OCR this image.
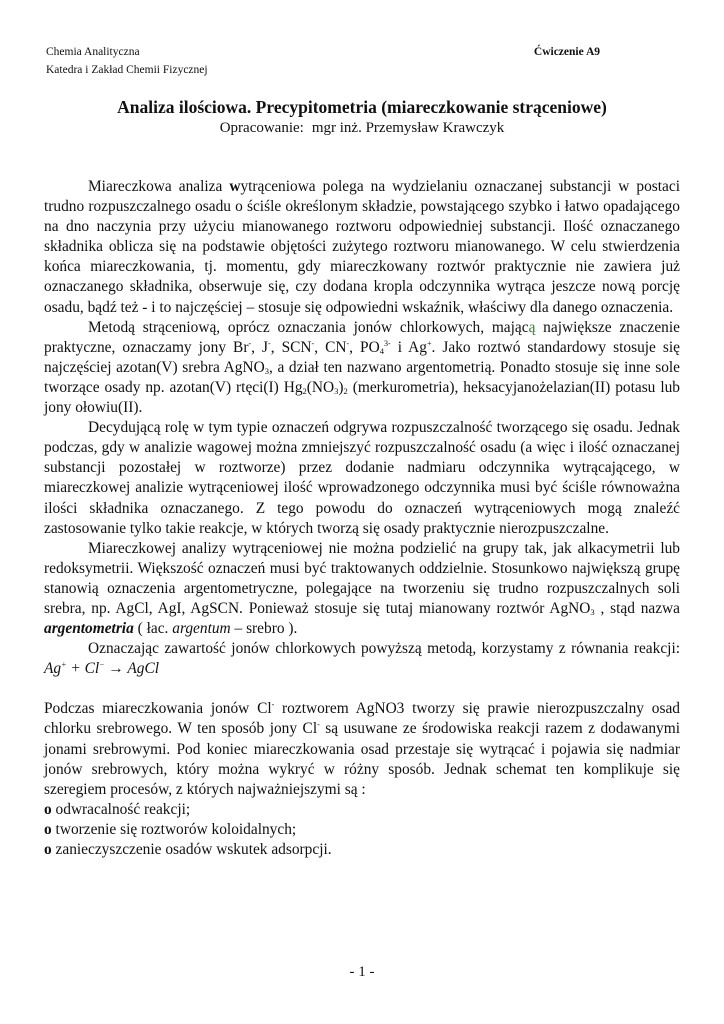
Chemia Analityczna
Katedra i Zakład Chemii Fizycznej
Ćwiczenie A9
Analiza ilościowa. Precypitometria (miareczkowanie strąceniowe)
Opracowanie: mgr inż. Przemysław Krawczyk

Miareczkowa analiza wytrąceniowa polega na wydzielaniu oznaczanej substancji w postaci trudno rozpuszczalnego osadu o ściśle określonym składzie, powstającego szybko i łatwo opadającego na dno naczynia przy użyciu mianowanego roztworu odpowiedniej substancji. Ilość oznaczanego składnika oblicza się na podstawie objętości zużytego roztworu mianowanego. W celu stwierdzenia końca miareczkowania, tj. momentu, gdy miareczkowany roztwór praktycznie nie zawiera już oznaczanego składnika, obserwuje się, czy dodana kropla odczynnika wytrąca jeszcze nową porcję osadu, bądź też - i to najczęściej – stosuje się odpowiedni wskaźnik, właściwy dla danego oznaczenia.

Metodą strąceniową, oprócz oznaczania jonów chlorkowych, mającą największe znaczenie praktyczne, oznaczamy jony Br-, J-, SCN-, CN-, $PO_4^{3-}$ i Ag+. Jako roztwó standardowy stosuje się najczęściej azotan(V) srebra AgNO$_3$, a dział ten nazwano argentometrią. Ponadto stosuje się inne sole tworzące osady np. azotan(V) rtęci(I) $Hg_2(NO_3)_2$ (merkurometria), heksacyjanożelazian(II) potasu lub jony ołowiu(II).

Decydującą rolę w tym typie oznaczeń odgrywa rozpuszczalność tworzącego się osadu. Jednak podczas, gdy w analizie wagowej można zmniejszyć rozpuszczalność osadu (a więc i ilość oznaczanej substancji pozostałej w roztworze) przez dodanie nadmiaru odczynnika wytrącającego, w miareczkowej analizie wytrąceniowej ilość wprowadzonego odczynnika musi być ściśle równoważna ilości składnika oznaczanego. Z tego powodu do oznaczeń wytrąceniowych mogą znaleźć zastosowanie tylko takie reakcje, w których tworzą się osady praktycznie nierozpuszczalne.

Miareczkowej analizy wytrąceniowej nie można podzielić na grupy tak, jak alkacymetrii lub redoksymetrii. Większość oznaczeń musi być traktowanych oddzielnie. Stosunkowo największą grupę stanowią oznaczenia argentometryczne, polegające na tworzeniu się trudno rozpuszczalnych soli srebra, np. AgCl, AgI, AgSCN. Ponieważ stosuje się tutaj mianowany roztwór AgNO$_3$ , stąd nazwa argentometria ( łac. argentum – srebro ).

Oznaczając zawartość jonów chlorkowych powyższą metodą, korzystamy z równania reakcji: Ag+ + Cl− → AgCl

Podczas miareczkowania jonów Cl- roztworem AgNO3 tworzy się prawie nierozpuszczalny osad chlorku srebrowego. W ten sposób jony Cl- są usuwane ze środowiska reakcji razem z dodawanymi jonami srebrowymi. Pod koniec miareczkowania osad przestaje się wytrącać i pojawia się nadmiar jonów srebrowych, który można wykryć w różny sposób. Jednak schemat ten komplikuje się szeregiem procesów, z których najważniejszymi są :

o odwracalność reakcji;

o tworzenie się roztworów koloidalnych;

o zanieczyszczenie osadów wskutek adsorpcji.

- 1 -
